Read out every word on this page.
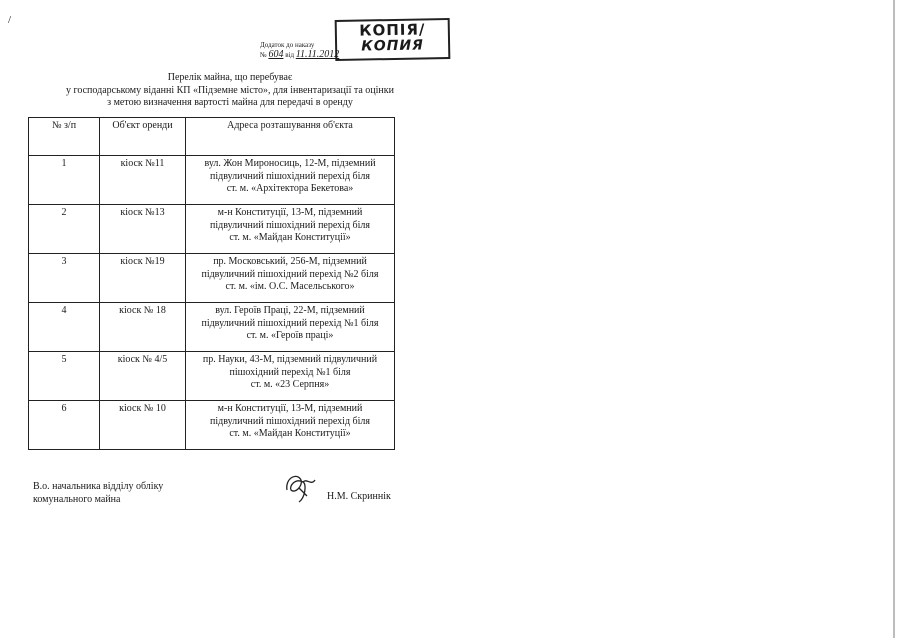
/
КОПІЯ/
КОПИЯ
Додаток до наказу
№ 604 від 11.11.2012
Перелік майна, що перебуває
у господарському віданні КП «Підземне місто», для інвентаризації та оцінки
з метою визначення вартості майна для передачі в оренду
№ з/п	Об'єкт оренди	Адреса розташування об'єкта
1	кіоск №11	вул. Жон Мироносиць, 12-М, підземний
підвуличний пішохідний перехід біля
ст. м. «Архітектора Бекетова»

2	кіоск №13	м-н Конституції, 13-М, підземний
підвуличний пішохідний перехід біля
ст. м. «Майдан Конституції»

3	кіоск №19	пр. Московський, 256-М, підземний
підвуличний пішохідний перехід №2 біля
ст. м. «ім. О.С. Масельського»

4	кіоск № 18	вул. Героїв Праці, 22-М, підземний
підвуличний пішохідний перехід №1 біля
ст. м. «Героїв праці»

5	кіоск № 4/5	пр. Науки, 43-М, підземний підвуличний
пішохідний перехід №1 біля
ст. м. «23 Серпня»

6	кіоск № 10	м-н Конституції, 13-М, підземний
підвуличний пішохідний перехід біля
ст. м. «Майдан Конституції»
В.о. начальника відділу обліку
комунального майна	Н.М. Скриннік
